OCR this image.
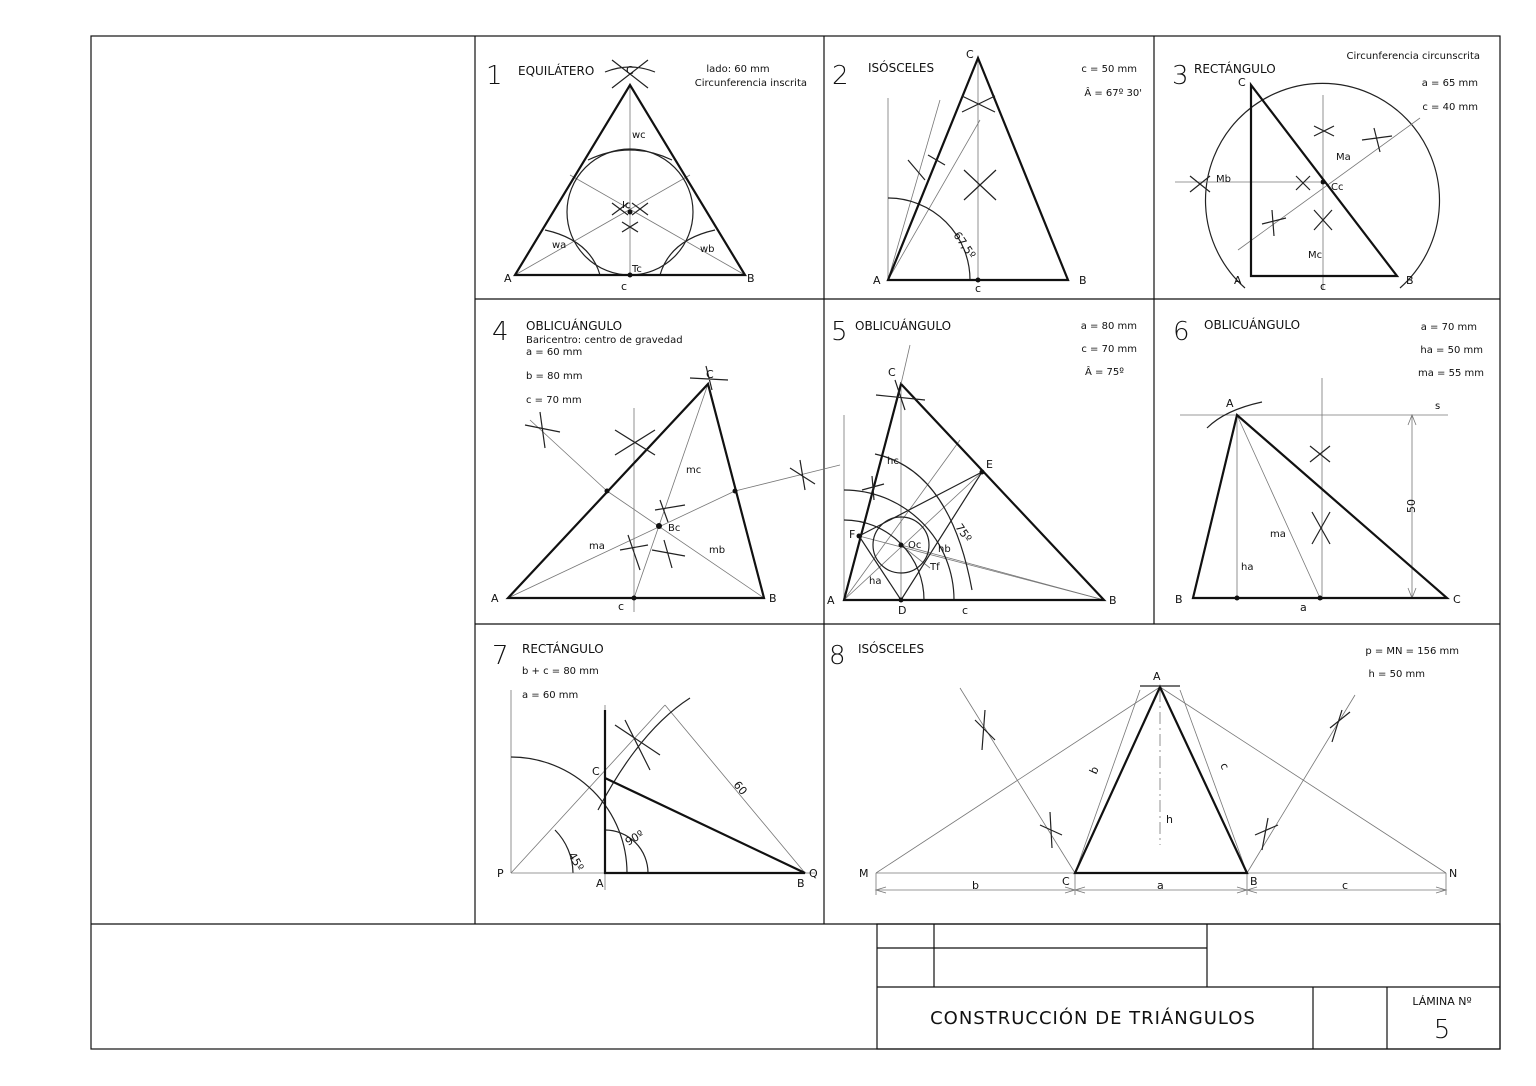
1 EQUILÁTERO	lado: 60 mm
Circunferencia inscrita
A	B
C
c
Ic
Tc
wa	wb
wc
2 ISÓSCELES	c = 50 mm
Â = 67º 30'
67,5º
A	B
C
c
3 RECTÁNGULO
Circunferencia circunscrita
a = 65 mm
c = 40 mm
A	B
C
c
Ma
Mb
Mc
Cc
4 OBLICUÁNGULO
Baricentro: centro de gravedad
a = 60 mm
b = 80 mm
c = 70 mm
A	B
C
c
ma	mb
mc
Bc
5 OBLICUÁNGULO	a = 80 mm
c = 70 mm
Â = 75º
75º
A	B
C
D
E
F
Oc
Tf
ha
hb
hc
c
6 OBLICUÁNGULO	a = 70 mm
ha = 50 mm
ma = 55 mm
50
A
B	C
a
ha
ma
s
7 RECTÁNGULO
b + c = 80 mm
a = 60 mm
45º
90º
60
P
A	B
C
Q
8 ISÓSCELES	p = MN = 156 mm
h = 50 mm
M	N
A
B
C	a
b	c
h
b	c
CONSTRUCCIÓN DE TRIÁNGULOS
LÁMINA Nº
5
